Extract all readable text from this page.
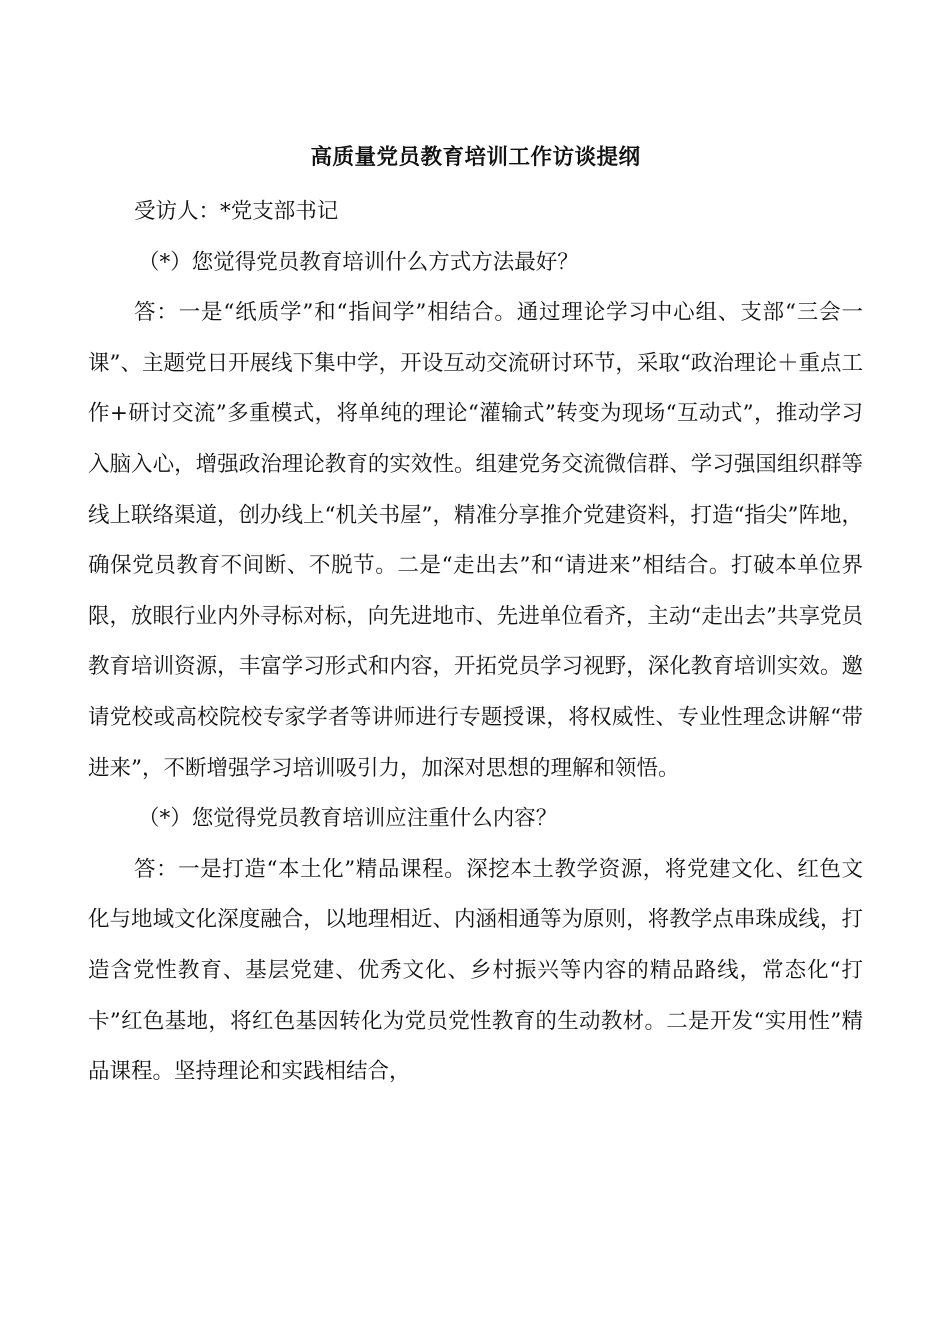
高质量党员教育培训工作访谈提纲

受访人：*党支部书记

（*）您觉得党员教育培训什么方式方法最好？

答：一是“纸质学”和“指间学”相结合。通过理论学习中心组、支部“三会一课”、主题党日开展线下集中学，开设互动交流研讨环节，采取“政治理论＋重点工作+研讨交流”多重模式，将单纯的理论“灌输式”转变为现场“互动式”，推动学习入脑入心，增强政治理论教育的实效性。组建党务交流微信群、学习强国组织群等线上联络渠道，创办线上“机关书屋”，精准分享推介党建资料，打造“指尖”阵地，确保党员教育不间断、不脱节。二是“走出去”和“请进来”相结合。打破本单位界限，放眼行业内外寻标对标，向先进地市、先进单位看齐，主动“走出去”共享党员教育培训资源，丰富学习形式和内容，开拓党员学习视野，深化教育培训实效。邀请党校或高校院校专家学者等讲师进行专题授课，将权威性、专业性理念讲解“带进来”，不断增强学习培训吸引力，加深对思想的理解和领悟。

（*）您觉得党员教育培训应注重什么内容？

答：一是打造“本土化”精品课程。深挖本土教学资源，将党建文化、红色文化与地域文化深度融合，以地理相近、内涵相通等为原则，将教学点串珠成线，打造含党性教育、基层党建、优秀文化、乡村振兴等内容的精品路线，常态化“打卡”红色基地，将红色基因转化为党员党性教育的生动教材。二是开发“实用性”精品课程。坚持理论和实践相结合，
